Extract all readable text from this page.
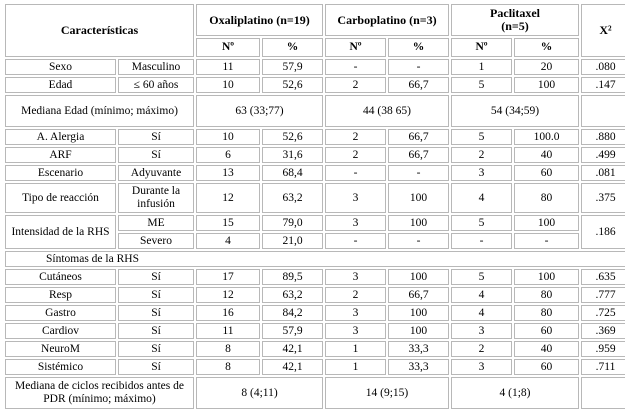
Características		Oxaliplatino (n=19)		Carboplatino (n=3)		Paclitaxel
(n=5)		X²
		Nº	%	Nº	%	Nº	%	
Sexo	Masculino	11	57,9	-	-	1	20	.080
Edad	≤ 60 años	10	52,6	2	66,7	5	100	.147
Mediana Edad (mínimo; máximo)		63 (33;77)		44 (38 65)		54 (34;59)		
A. Alergia	Sí	10	52,6	2	66,7	5	100.0	.880
ARF	Sí	6	31,6	2	66,7	2	40	.499
Escenario	Adyuvante	13	68,4	-	-	3	60	.081
Tipo de reacción	Durante la infusión	12	63,2	3	100	4	80	.375
Intensidad de la RHS	ME	15	79,0	3	100	5	100	.186
	Severo	4	21,0	-	-	-	-	
Síntomas de la RHS								
Cutáneos	Sí	17	89,5	3	100	5	100	.635
Resp	Sí	12	63,2	2	66,7	4	80	.777
Gastro	Sí	16	84,2	3	100	4	80	.725
Cardiov	Sí	11	57,9	3	100	3	60	.369
NeuroM	Sí	8	42,1	1	33,3	2	40	.959
Sistémico	Sí	8	42,1	1	33,3	3	60	.711
Mediana de ciclos recibidos antes de PDR (mínimo; máximo)		8 (4;11)		14 (9;15)		4 (1;8)		
